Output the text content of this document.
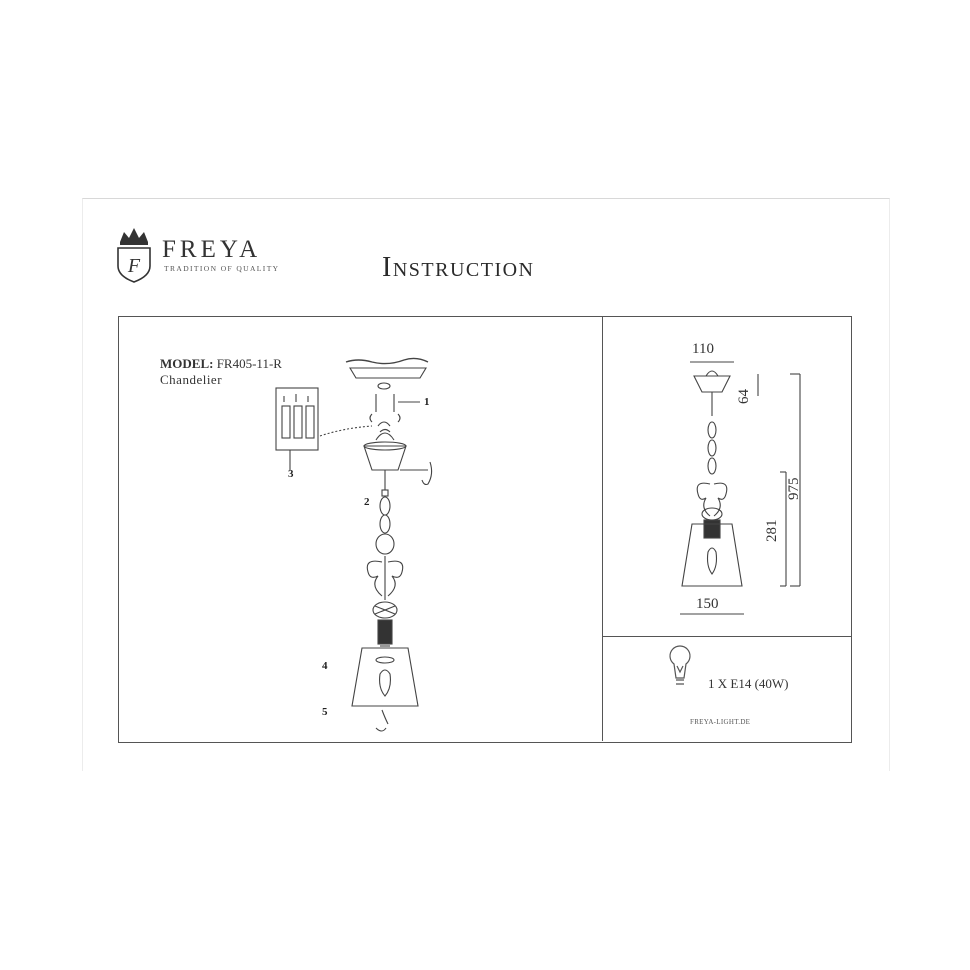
F
FREYA
TRADITION OF QUALITY	Instruction
MODEL: FR405-11-R
Chandelier
1
2
3
4
5
110
64
975
281
150
1 X E14 (40W)
FREYA-LIGHT.DE
